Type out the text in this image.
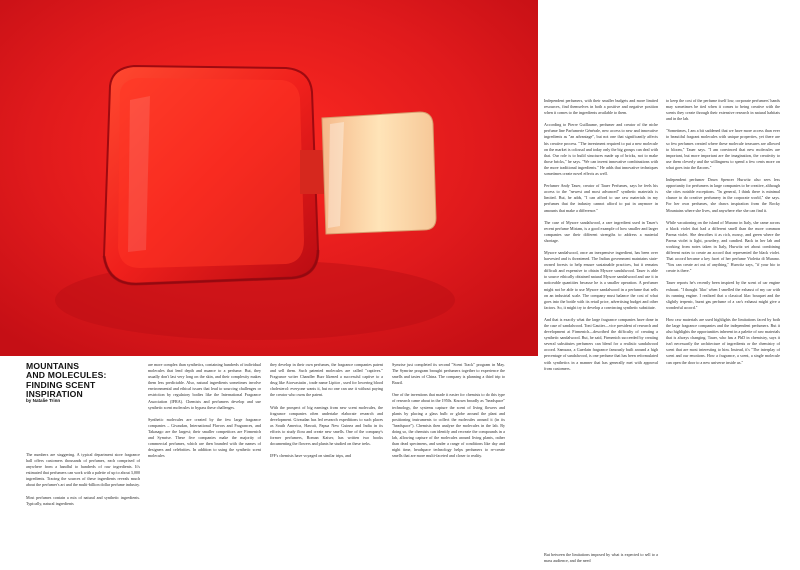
MOUNTAINS
AND MOLECULES:
FINDING SCENT
INSPIRATION
by Natalie Trinn

The numbers are staggering. A typical department store fragrance hall offers customers thousands of perfumes, each comprised of anywhere from a handful to hundreds of raw ingredients. It's estimated that perfumers can work with a palette of up to about 3,000 ingredients. Tracing the sources of these ingredients reveals much about the perfumer's art and the multi-billion dollar perfume industry.

Most perfumes contain a mix of natural and synthetic ingredients. Typically, natural ingredients

are more complex than synthetics, containing hundreds of individual molecules that lend depth and nuance to a perfume. But, they usually don't last very long on the skin, and their complexity makes them less predictable. Also, natural ingredients sometimes involve environmental and ethical issues that lead to sourcing challenges or restriction by regulatory bodies like the International Fragrance Association (IFRA). Chemists and perfumers develop and use synthetic scent molecules to bypass these challenges.

Synthetic molecules are created by the few large fragrance companies – Givaudan, International Flavors and Fragrances, and Takasago are the largest; their smaller competitors are Firmenich and Symrise. These five companies make the majority of commercial perfumes, which are then branded with the names of designers and celebrities. In addition to using the synthetic scent molecules

they develop in their own perfumes, the fragrance companies patent and sell them. Such patented molecules are called "captives." Fragrance writer Chandler Burr likened a successful captive to a drug like Atorvastatin , trade name Lipitor , used for lowering blood cholesterol: everyone wants it, but no one can use it without paying the creator who owns the patent.

With the prospect of big earnings from new scent molecules, the fragrance companies often undertake elaborate research and development. Givaudan has led research expeditions to such places as South America, Hawaii, Papua New Guinea and India in its efforts to study flora and create new smells. One of the company's former perfumers, Roman Kaiser, has written two books documenting the flowers and plants he studied on these treks.

IFF's chemists have voyaged on similar trips, and

Symrise just completed its second "Scent Track" program in May. The Symrise program brought perfumers together to experience the smells and tastes of China. The company is planning a third trip to Brazil.

One of the inventions that made it easier for chemists to do this type of research came about in the 1950s. Known broadly as "headspace" technology, the systems capture the scent of living flowers and plants by placing a glass bulb or globe around the plant and positioning instruments to collect the molecules around it (in its "headspace"). Chemists then analyze the molecules in the lab. By doing so, the chemists can identify and recreate the compounds in a lab, allowing capture of the molecules around living plants, rather than dead specimens, and under a range of conditions like day and night time, headspace technology helps perfumers to re-create smells that are more multi-faceted and closer to reality.

Independent perfumers, with their smaller budgets and more limited resources, find themselves in both a positive and negative position when it comes to the ingredients available to them.

According to Pierre Guillaume, perfumer and creator of the niche perfume line Parfumerie Générale, new access to new and innovative ingredients as "an advantage", but not one that significantly affects his creative process. "The investment required to put a new molecule on the market is colossal and today only the big groups can deal with that. Our role is to build structures made up of bricks, not to make those bricks," he says. "We can invent innovative combinations with the more traditional ingredients." He adds that innovative techniques sometimes create novel effects as well.

Perfumer Andy Tauer, creator of Tauer Perfumes, says he feels his access to the "newest and most advanced" synthetic materials is limited. But, he adds, "I can afford to use raw materials in my perfumes that the industry cannot afford to put in anymore in amounts that make a difference."

The case of Mysore sandalwood, a rare ingredient used in Tauer's recent perfume Miriam, is a good example of how smaller and larger companies use their different strengths to address a material shortage.

Mysore sandalwood, once an inexpensive ingredient, has been over harvested and is threatened. The Indian government maintains state-owned forests to help ensure sustainable practices, but it remains difficult and expensive to obtain Mysore sandalwood. Tauer is able to source ethically obtained natural Mysore sandalwood and use it in noticeable quantities because he is a smaller operation. A perfumer might not be able to use Mysore sandalwood in a perfume that sells on an industrial scale. The company must balance the cost of what goes into the bottle with its retail price, advertising budget and other factors. So, it might try to develop a convincing synthetic substitute.

And that is exactly what the large fragrance companies have done in the case of sandalwood. Toni Gautier—vice president of research and development at Firmenich—described the difficulty of creating a synthetic sandalwood. But, he said, Firmenich succeeded by creating several substitutes perfumers can blend for a realistic sandalwood accord. Samsara, a Guerlain fragrance famously built around a high percentage of sandalwood, is one perfume that has been reformulated with synthetics in a manner that has generally met with approval from customers.

to keep the cost of the perfume itself low, corporate perfumers' hands may sometimes be tied when it comes to being creative with the scents they create through their extensive research in natural habitats and in the lab.

"Sometimes, I am a bit saddened that we have more access than ever to beautiful fragrant molecules with unique properties, yet there are so few perfumes created where these molecule treasures are allowed to bloom," Tauer says. "I am convinced that new molecules are important, but more important are the imagination, the creativity to use them cleverly and the willingness to spend a few cents more on what goes into the flacons."

Independent perfumer Dawn Spencer Hurwitz also sees less opportunity for perfumers in large companies to be creative, although she cites notable exceptions. "In general, I think there is minimal chance to do creative perfumery in the corporate world," she says. For her own perfumes, she draws inspiration from the Rocky Mountains where she lives, and anywhere else she can find it.

While vacationing on the island of Murano in Italy, she came across a black violet that had a different smell than the more common Parma violet. She describes it as rich, mossy, and green where the Parma violet is light, powdery, and candied. Back in her lab and working from notes taken in Italy, Hurwitz set about combining different notes to create an accord that represented the black violet. That accord became a key facet of her perfume Violetta di Murano. "You can create art out of anything," Hurwitz says, "if your bio to create is there."

Tauer reports he's recently been inspired by the scent of car engine exhaust. "I thought 'lilac' when I smelled the exhaust of my car with its running engine. I realized that a classical lilac bouquet and the slightly terpenic, burnt gas perfume of a car's exhaust might give a wonderful accord."

How raw materials are used highlights the limitations faced by both the large fragrance companies and the independent perfumers. But it also highlights the opportunities inherent in a palette of raw materials that is always changing. Tauer, who has a PhD in chemistry, says it isn't necessarily the architecture of ingredients or the chemistry of scent that are most interesting to him. Instead, it's "The interplay of scent and our emotions. How a fragrance, a scent, a single molecule can open the door to a new universe inside us."

But between the limitations imposed by what is expected to sell to a mass audience, and the need
